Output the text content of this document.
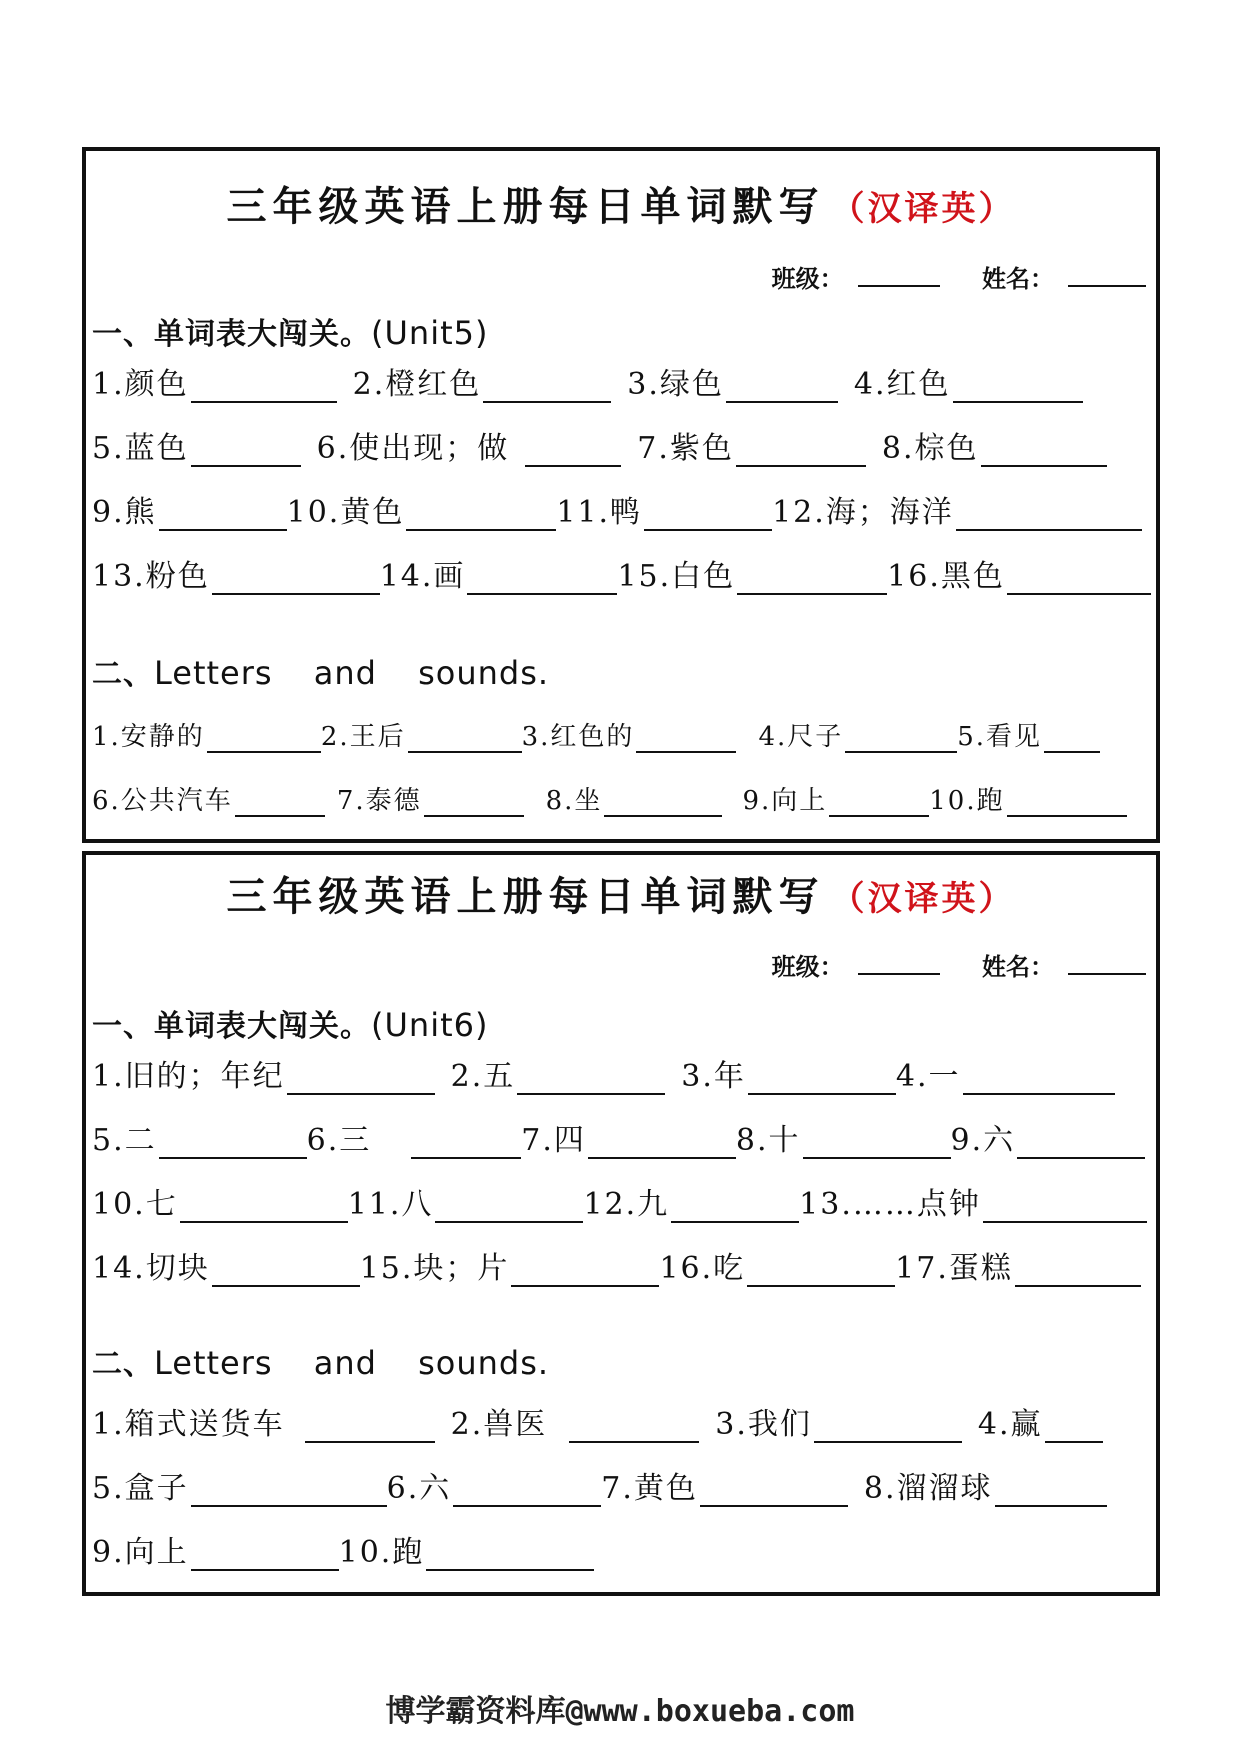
三年级英语上册每日单词默写 （汉译英）
班级：	姓名：
一、单词表大闯关。(Unit5)
1.颜色	2.橙红色	3.绿色	4.红色
5.蓝色	6.使出现；做	7.紫色	8.棕色
9.熊	10.黄色	11.鸭	12.海；海洋
13.粉色	14.画	15.白色	16.黑色
二、Letters and sounds.
1.安静的	2.王后	3.红色的	4.尺子	5.看见
6.公共汽车	7.泰德	8.坐	9.向上	10.跑
三年级英语上册每日单词默写 （汉译英）
班级：	姓名：
一、单词表大闯关。(Unit6)
1.旧的；年纪	2.五	3.年	4.一
5.二	6.三	7.四	8.十	9.六
10.七	11.八	12.九	13.……点钟
14.切块	15.块；片	16.吃	17.蛋糕
二、Letters and sounds.
1.箱式送货车	2.兽医	3.我们	4.赢
5.盒子	6.六	7.黄色	8.溜溜球
9.向上	10.跑
博学霸资料库@www.boxueba.com
